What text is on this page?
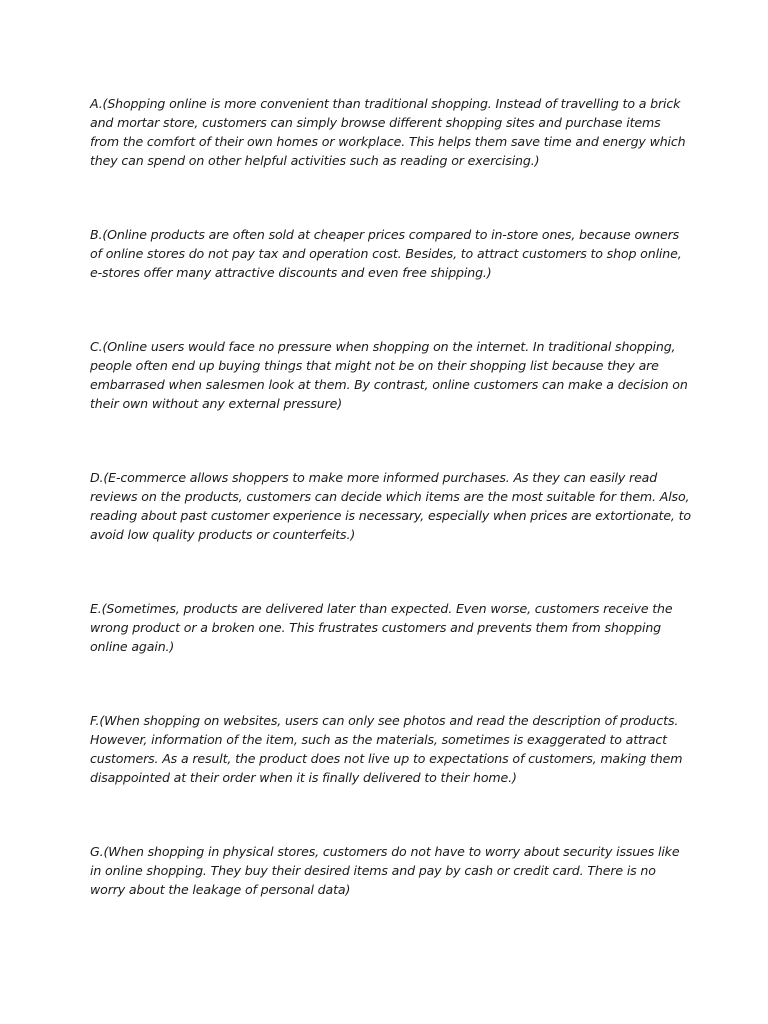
A.(Shopping online is more convenient than traditional shopping. Instead of travelling to a brick
and mortar store, customers can simply browse different shopping sites and purchase items
from the comfort of their own homes or workplace. This helps them save time and energy which
they can spend on other helpful activities such as reading or exercising.)

B.(Online products are often sold at cheaper prices compared to in-store ones, because owners
of online stores do not pay tax and operation cost. Besides, to attract customers to shop online,
e-stores offer many attractive discounts and even free shipping.)

C.(Online users would face no pressure when shopping on the internet. In traditional shopping,
people often end up buying things that might not be on their shopping list because they are
embarrased when salesmen look at them. By contrast, online customers can make a decision on
their own without any external pressure)

D.(E-commerce allows shoppers to make more informed purchases. As they can easily read
reviews on the products, customers can decide which items are the most suitable for them. Also,
reading about past customer experience is necessary, especially when prices are extortionate, to
avoid low quality products or counterfeits.)

E.(Sometimes, products are delivered later than expected. Even worse, customers receive the
wrong product or a broken one. This frustrates customers and prevents them from shopping
online again.)

F.(When shopping on websites, users can only see photos and read the description of products.
However, information of the item, such as the materials, sometimes is exaggerated to attract
customers. As a result, the product does not live up to expectations of customers, making them
disappointed at their order when it is finally delivered to their home.)

G.(When shopping in physical stores, customers do not have to worry about security issues like
in online shopping. They buy their desired items and pay by cash or credit card. There is no
worry about the leakage of personal data)
